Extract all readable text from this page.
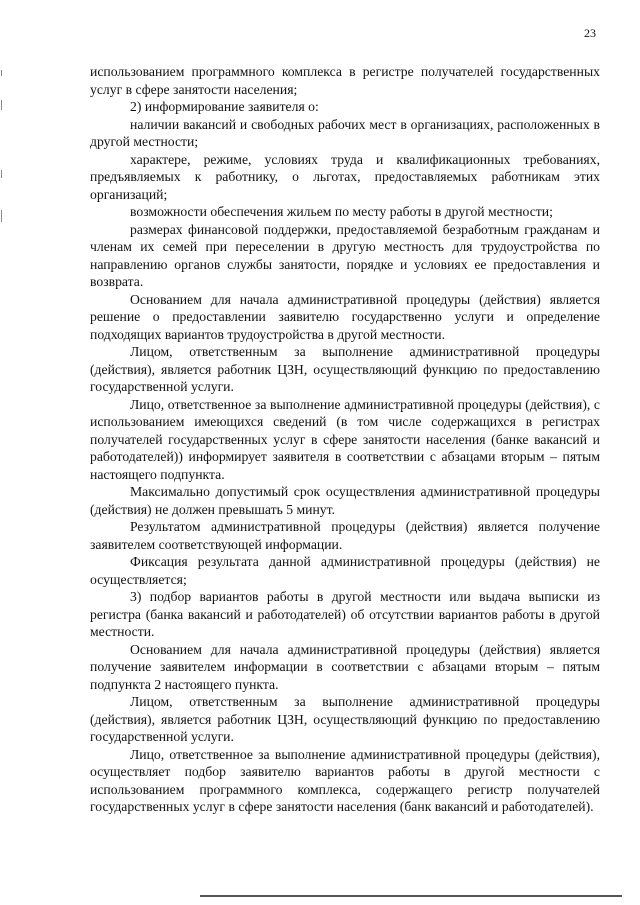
23

использованием программного комплекса в регистре получателей государственных услуг в сфере занятости населения;

2) информирование заявителя о:

наличии вакансий и свободных рабочих мест в организациях, расположенных в другой местности;

характере, режиме, условиях труда и квалификационных требованиях, предъявляемых к работнику, о льготах, предоставляемых работникам этих организаций;

возможности обеспечения жильем по месту работы в другой местности;

размерах финансовой поддержки, предоставляемой безработным гражданам и членам их семей при переселении в другую местность для трудоустройства по направлению органов службы занятости, порядке и условиях ее предоставления и возврата.

Основанием для начала административной процедуры (действия) является решение о предоставлении заявителю государственно услуги и определение подходящих вариантов трудоустройства в другой местности.

Лицом, ответственным за выполнение административной процедуры (действия), является работник ЦЗН, осуществляющий функцию по предоставлению государственной услуги.

Лицо, ответственное за выполнение административной процедуры (действия), с использованием имеющихся сведений (в том числе содержащихся в регистрах получателей государственных услуг в сфере занятости населения (банке вакансий и работодателей)) информирует заявителя в соответствии с абзацами вторым – пятым настоящего подпункта.

Максимально допустимый срок осуществления административной процедуры (действия) не должен превышать 5 минут.

Результатом административной процедуры (действия) является получение заявителем соответствующей информации.

Фиксация результата данной административной процедуры (действия) не осуществляется;

3) подбор вариантов работы в другой местности или выдача выписки из регистра (банка вакансий и работодателей) об отсутствии вариантов работы в другой местности.

Основанием для начала административной процедуры (действия) является получение заявителем информации в соответствии с абзацами вторым – пятым подпункта 2 настоящего пункта.

Лицом, ответственным за выполнение административной процедуры (действия), является работник ЦЗН, осуществляющий функцию по предоставлению государственной услуги.

Лицо, ответственное за выполнение административной процедуры (действия), осуществляет подбор заявителю вариантов работы в другой местности с использованием программного комплекса, содержащего регистр получателей государственных услуг в сфере занятости населения (банк вакансий и работодателей).
